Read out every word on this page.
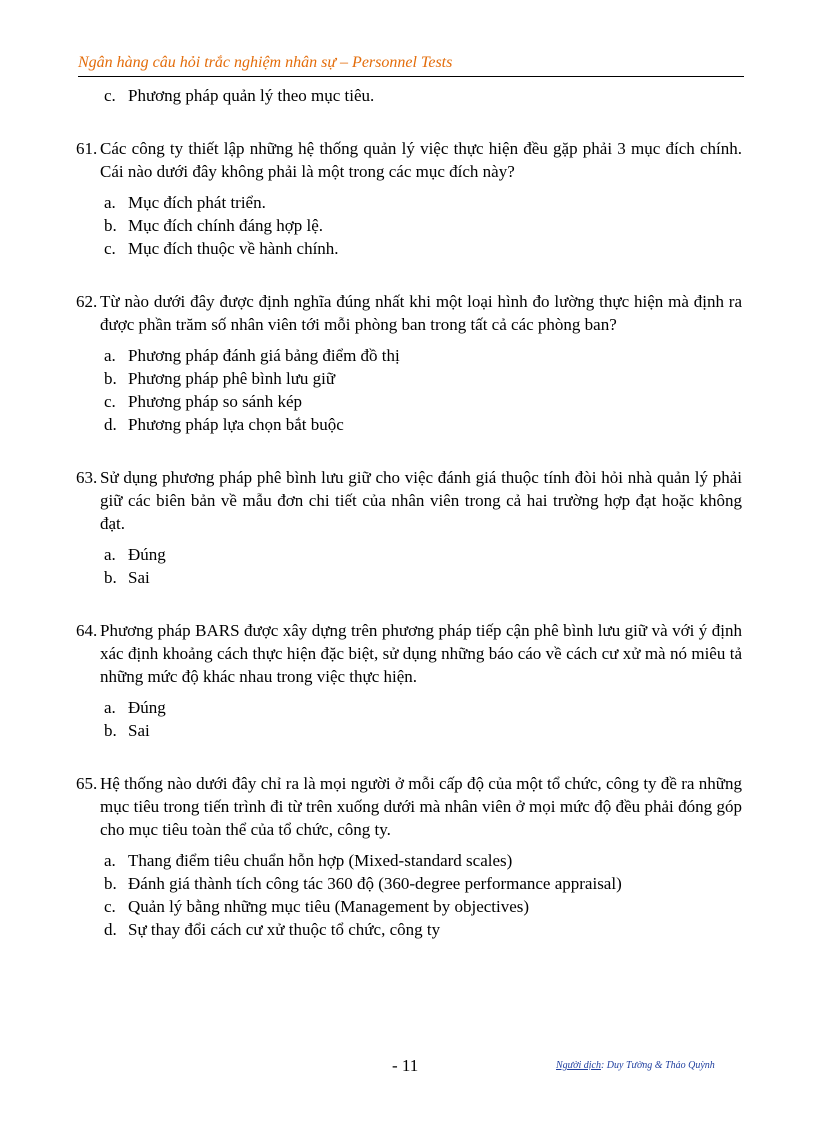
Ngân hàng câu hỏi trắc nghiệm nhân sự – Personnel Tests
c. Phương pháp quản lý theo mục tiêu.
61. Các công ty thiết lập những hệ thống quản lý việc thực hiện đều gặp phải 3 mục đích chính. Cái nào dưới đây không phải là một trong các mục đích này?
a. Mục đích phát triển.
b. Mục đích chính đáng hợp lệ.
c. Mục đích thuộc về hành chính.
62. Từ nào dưới đây được định nghĩa đúng nhất khi một loại hình đo lường thực hiện mà định ra được phần trăm số nhân viên tới mỗi phòng ban trong tất cả các phòng ban?
a. Phương pháp đánh giá bảng điểm đồ thị
b. Phương pháp phê bình lưu giữ
c. Phương pháp so sánh kép
d. Phương pháp lựa chọn bắt buộc
63. Sử dụng phương pháp phê bình lưu giữ cho việc đánh giá thuộc tính đòi hỏi nhà quản lý phải giữ các biên bản về mẫu đơn chi tiết của nhân viên trong cả hai trường hợp đạt hoặc không đạt.
a. Đúng
b. Sai
64. Phương pháp BARS được xây dựng trên phương pháp tiếp cận phê bình lưu giữ và với ý định xác định khoảng cách thực hiện đặc biệt, sử dụng những báo cáo về cách cư xử mà nó miêu tả những mức độ khác nhau trong việc thực hiện.
a. Đúng
b. Sai
65. Hệ thống nào dưới đây chỉ ra là mọi người ở mỗi cấp độ của một tổ chức, công ty đề ra những mục tiêu trong tiến trình đi từ trên xuống dưới mà nhân viên ở mọi mức độ đều phải đóng góp cho mục tiêu toàn thể của tổ chức, công ty.
a. Thang điểm tiêu chuẩn hỗn hợp (Mixed-standard scales)
b. Đánh giá thành tích công tác 360 độ (360-degree performance appraisal)
c. Quản lý bằng những mục tiêu (Management by objectives)
d. Sự thay đổi cách cư xử thuộc tổ chức, công ty
- 11	Người dịch: Duy Tường & Thảo Quỳnh
